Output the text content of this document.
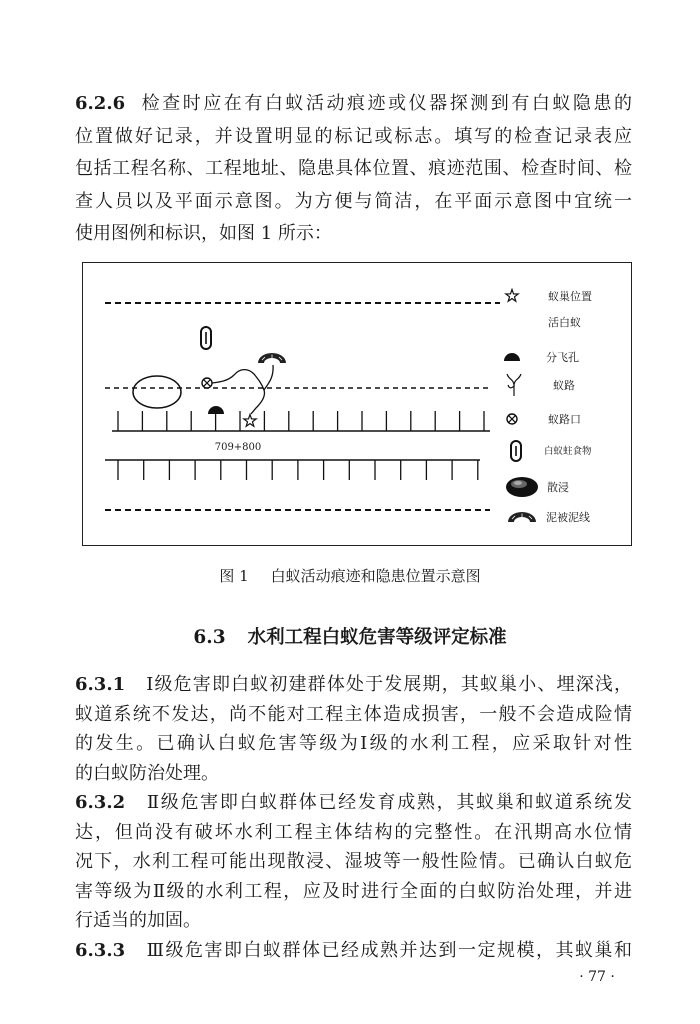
6.2.6 检查时应在有白蚁活动痕迹或仪器探测到有白蚁隐患的
位置做好记录，并设置明显的标记或标志。填写的检查记录表应
包括工程名称、工程地址、隐患具体位置、痕迹范围、检查时间、检
查人员以及平面示意图。为方便与简洁，在平面示意图中宜统一
使用图例和标识，如图 1 所示：
709+800
蚁巢位置
活白蚁
分飞孔
蚁路
蚁路口
白蚁蛀食物
散浸
泥被泥线
图 1 白蚁活动痕迹和隐患位置示意图
6.3 水利工程白蚁危害等级评定标准
6.3.1 Ⅰ级危害即白蚁初建群体处于发展期，其蚁巢小、埋深浅，
蚁道系统不发达，尚不能对工程主体造成损害，一般不会造成险情
的发生。已确认白蚁危害等级为Ⅰ级的水利工程，应采取针对性
的白蚁防治处理。
6.3.2 Ⅱ级危害即白蚁群体已经发育成熟，其蚁巢和蚁道系统发
达，但尚没有破坏水利工程主体结构的完整性。在汛期高水位情
况下，水利工程可能出现散浸、湿坡等一般性险情。已确认白蚁危
害等级为Ⅱ级的水利工程，应及时进行全面的白蚁防治处理，并进
行适当的加固。
6.3.3 Ⅲ级危害即白蚁群体已经成熟并达到一定规模，其蚁巢和
· 77 ·
